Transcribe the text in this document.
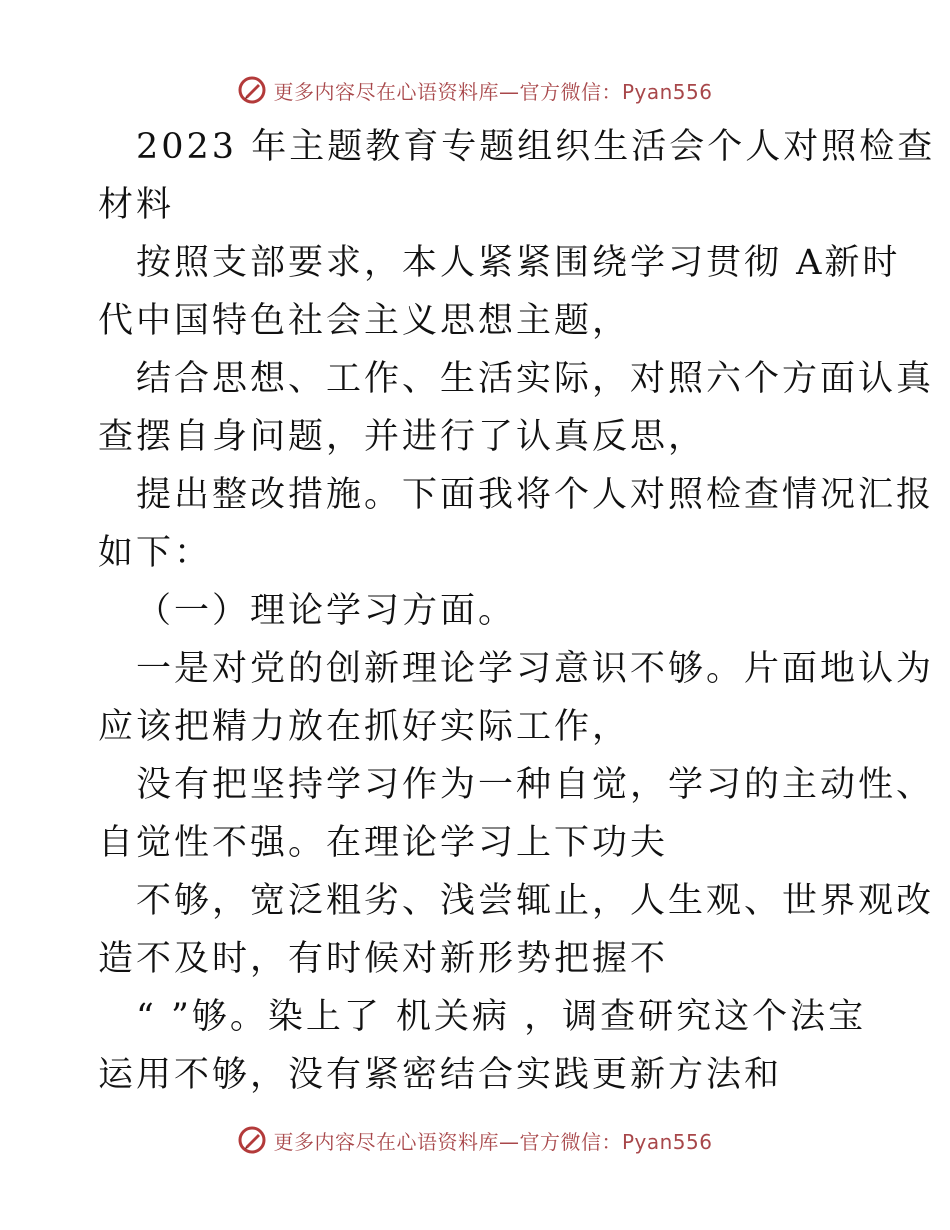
更多内容尽在心语资料库—官方微信：Pyan556
2023 年主题教育专题组织生活会个人对照检查
材料
按照支部要求，本人紧紧围绕学习贯彻 A新时
代中国特色社会主义思想主题，
结合思想、工作、生活实际，对照六个方面认真
查摆自身问题，并进行了认真反思，
提出整改措施。下面我将个人对照检查情况汇报
如下：
（一）理论学习方面。
一是对党的创新理论学习意识不够。片面地认为
应该把精力放在抓好实际工作，
没有把坚持学习作为一种自觉，学习的主动性、
自觉性不强。在理论学习上下功夫
不够，宽泛粗劣、浅尝辄止，人生观、世界观改
造不及时，有时候对新形势把握不
“ ”够。染上了 机关病 ，调查研究这个法宝
运用不够，没有紧密结合实践更新方法和
更多内容尽在心语资料库—官方微信：Pyan556
